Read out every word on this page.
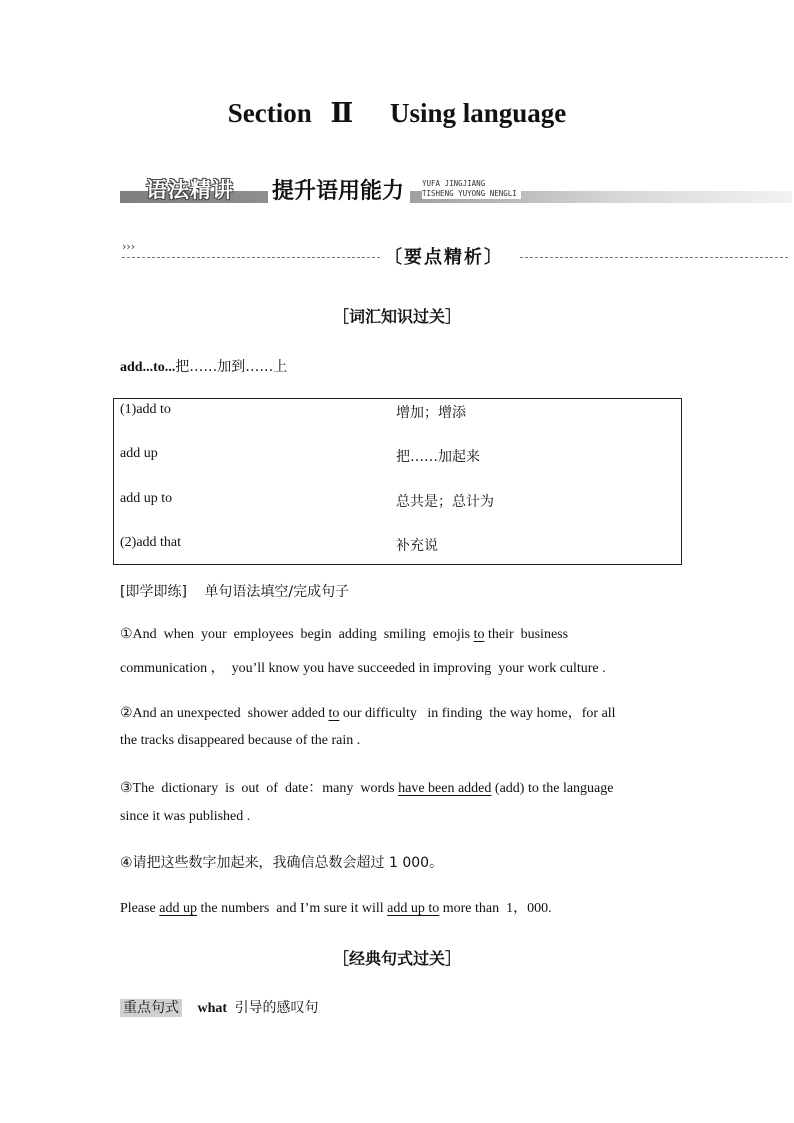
Section Ⅱ Using language
语法精讲 提升语用能力	YUFA JINGJIANG
TISHENG YUYONG NENGLI
›››
〔要点精析〕
［词汇知识过关］
add...to...把……加到……上
(1)add to	增加；增添
add up	把……加起来
add up to	总共是；总计为
(2)add that	补充说
[即学即练] 单句语法填空/完成句子
①And  when  your  employees  begin  adding  smiling  emojis to their  business
communication ，  you’ll know you have succeeded in improving  your work culture .
②And an unexpected  shower added to our difficulty   in finding  the way home，for all
the tracks disappeared because of the rain .
③The  dictionary  is  out  of  date：many  words have been added (add) to the language
since it was published .
④请把这些数字加起来，我确信总数会超过 1 000。
Please add up the numbers  and I’m sure it will add up to more than  1，000.
［经典句式过关］
重点句式 what 引导的感叹句
